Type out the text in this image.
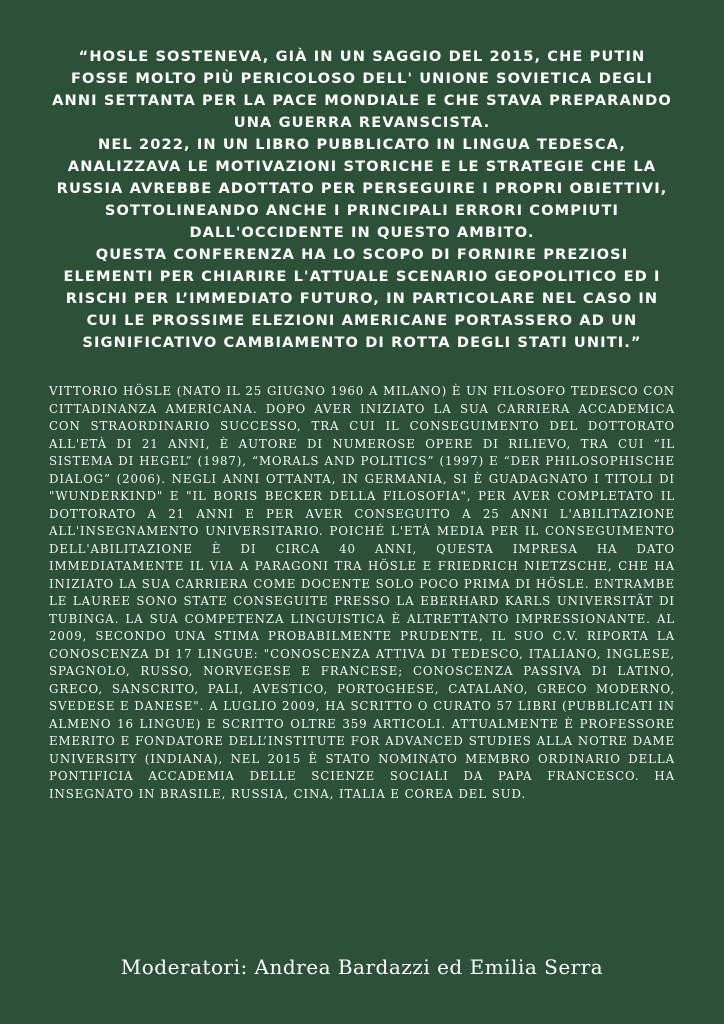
“HOSLE SOSTENEVA, GIÀ IN UN SAGGIO DEL 2015, CHE PUTIN FOSSE MOLTO PIÙ PERICOLOSO DELL' UNIONE SOVIETICA DEGLI ANNI SETTANTA PER LA PACE MONDIALE E CHE STAVA PREPARANDO UNA GUERRA REVANSCISTA.

NEL 2022, IN UN LIBRO PUBBLICATO IN LINGUA TEDESCA, ANALIZZAVA LE MOTIVAZIONI STORICHE E LE STRATEGIE CHE LA RUSSIA AVREBBE ADOTTATO PER PERSEGUIRE I PROPRI OBIETTIVI, SOTTOLINEANDO ANCHE I PRINCIPALI ERRORI COMPIUTI DALL'OCCIDENTE IN QUESTO AMBITO.

QUESTA CONFERENZA HA LO SCOPO DI FORNIRE PREZIOSI ELEMENTI PER CHIARIRE L'ATTUALE SCENARIO GEOPOLITICO ED I RISCHI PER L’IMMEDIATO FUTURO, IN PARTICOLARE NEL CASO IN CUI LE PROSSIME ELEZIONI AMERICANE PORTASSERO AD UN SIGNIFICATIVO CAMBIAMENTO DI ROTTA DEGLI STATI UNITI.”

VITTORIO HÖSLE (NATO IL 25 GIUGNO 1960 A MILANO) È UN FILOSOFO TEDESCO CON CITTADINANZA AMERICANA. DOPO AVER INIZIATO LA SUA CARRIERA ACCADEMICA CON STRAORDINARIO SUCCESSO, TRA CUI IL CONSEGUIMENTO DEL DOTTORATO ALL'ETÀ DI 21 ANNI, È AUTORE DI NUMEROSE OPERE DI RILIEVO, TRA CUI “IL SISTEMA DI HEGEL” (1987), “MORALS AND POLITICS” (1997) E “DER PHILOSOPHISCHE DIALOG” (2006). NEGLI ANNI OTTANTA, IN GERMANIA, SI È GUADAGNATO I TITOLI DI "WUNDERKIND" E "IL BORIS BECKER DELLA FILOSOFIA", PER AVER COMPLETATO IL DOTTORATO A 21 ANNI E PER AVER CONSEGUITO A 25 ANNI L'ABILITAZIONE ALL'INSEGNAMENTO UNIVERSITARIO. POICHÉ L'ETÀ MEDIA PER IL CONSEGUIMENTO DELL'ABILITAZIONE È DI CIRCA 40 ANNI, QUESTA IMPRESA HA DATO IMMEDIATAMENTE IL VIA A PARAGONI TRA HÖSLE E FRIEDRICH NIETZSCHE, CHE HA INIZIATO LA SUA CARRIERA COME DOCENTE SOLO POCO PRIMA DI HÖSLE. ENTRAMBE LE LAUREE SONO STATE CONSEGUITE PRESSO LA EBERHARD KARLS UNIVERSITÄT DI TUBINGA. LA SUA COMPETENZA LINGUISTICA È ALTRETTANTO IMPRESSIONANTE. AL 2009, SECONDO UNA STIMA PROBABILMENTE PRUDENTE, IL SUO C.V. RIPORTA LA CONOSCENZA DI 17 LINGUE: "CONOSCENZA ATTIVA DI TEDESCO, ITALIANO, INGLESE, SPAGNOLO, RUSSO, NORVEGESE E FRANCESE; CONOSCENZA PASSIVA DI LATINO, GRECO, SANSCRITO, PALI, AVESTICO, PORTOGHESE, CATALANO, GRECO MODERNO, SVEDESE E DANESE". A LUGLIO 2009, HA SCRITTO O CURATO 57 LIBRI (PUBBLICATI IN ALMENO 16 LINGUE) E SCRITTO OLTRE 359 ARTICOLI. ATTUALMENTE È PROFESSORE EMERITO E FONDATORE DELL’INSTITUTE FOR ADVANCED STUDIES ALLA NOTRE DAME UNIVERSITY (INDIANA), NEL 2015 È STATO NOMINATO MEMBRO ORDINARIO DELLA PONTIFICIA ACCADEMIA DELLE SCIENZE SOCIALI DA PAPA FRANCESCO. HA INSEGNATO IN BRASILE, RUSSIA, CINA, ITALIA E COREA DEL SUD.

Moderatori: Andrea Bardazzi ed Emilia Serra
